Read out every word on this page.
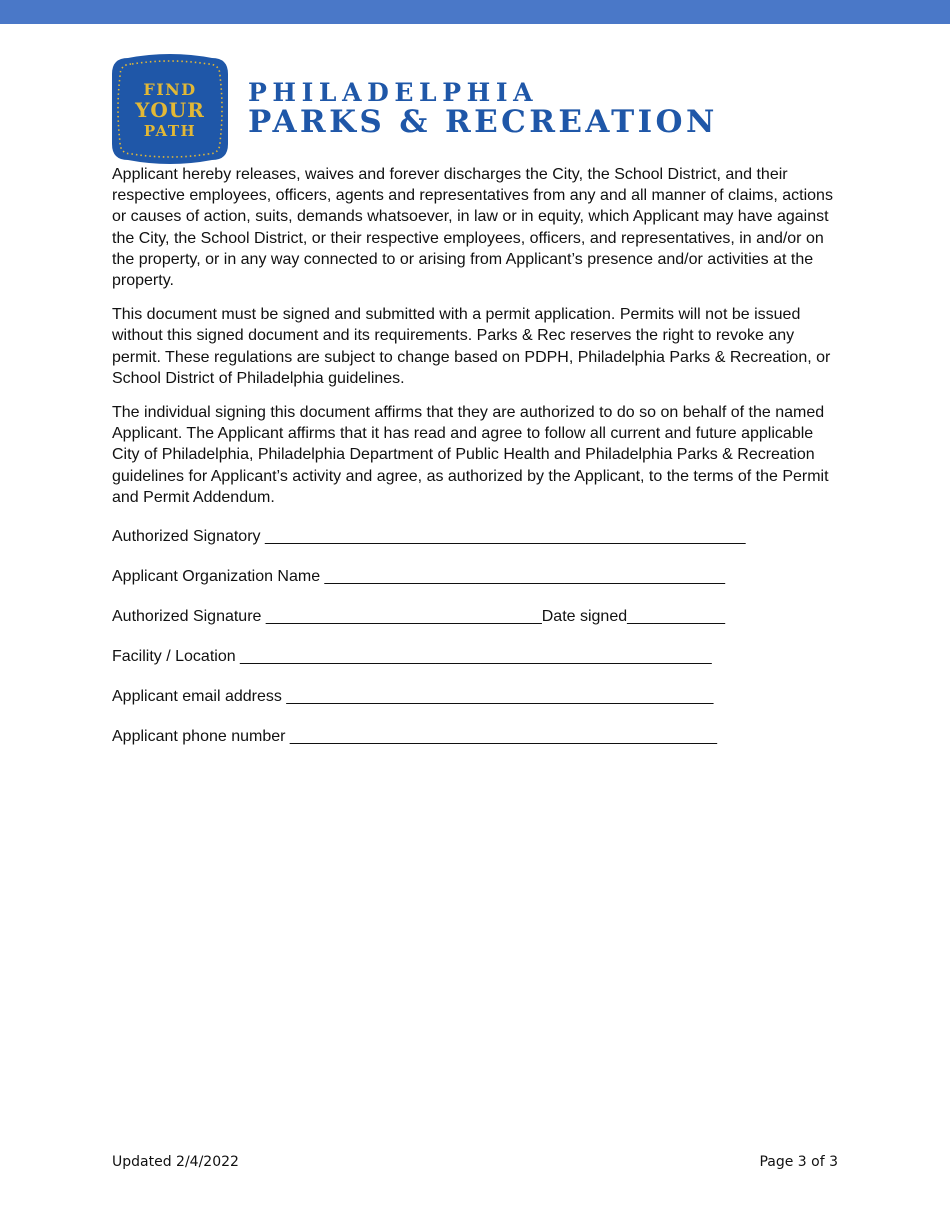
FIND
YOUR
PATH
PHILADELPHIA
PARKS & RECREATION

Applicant hereby releases, waives and forever discharges the City, the School District, and their respective employees, officers, agents and representatives from any and all manner of claims, actions or causes of action, suits, demands whatsoever, in law or in equity, which Applicant may have against the City, the School District, or their respective employees, officers, and representatives, in and/or on the property, or in any way connected to or arising from Applicant’s presence and/or activities at the property.

This document must be signed and submitted with a permit application. Permits will not be issued without this signed document and its requirements. Parks & Rec reserves the right to revoke any permit. These regulations are subject to change based on PDPH, Philadelphia Parks & Recreation, or School District of Philadelphia guidelines.

The individual signing this document affirms that they are authorized to do so on behalf of the named Applicant. The Applicant affirms that it has read and agree to follow all current and future applicable City of Philadelphia, Philadelphia Department of Public Health and Philadelphia Parks & Recreation guidelines for Applicant’s activity and agree, as authorized by the Applicant, to the terms of the Permit and Permit Addendum.

Authorized Signatory ______________________________________________________

Applicant Organization Name _____________________________________________

Authorized Signature _______________________________Date signed___________

Facility / Location _____________________________________________________

Applicant email address ________________________________________________

Applicant phone number ________________________________________________

Updated 2/4/2022	Page 3 of 3
